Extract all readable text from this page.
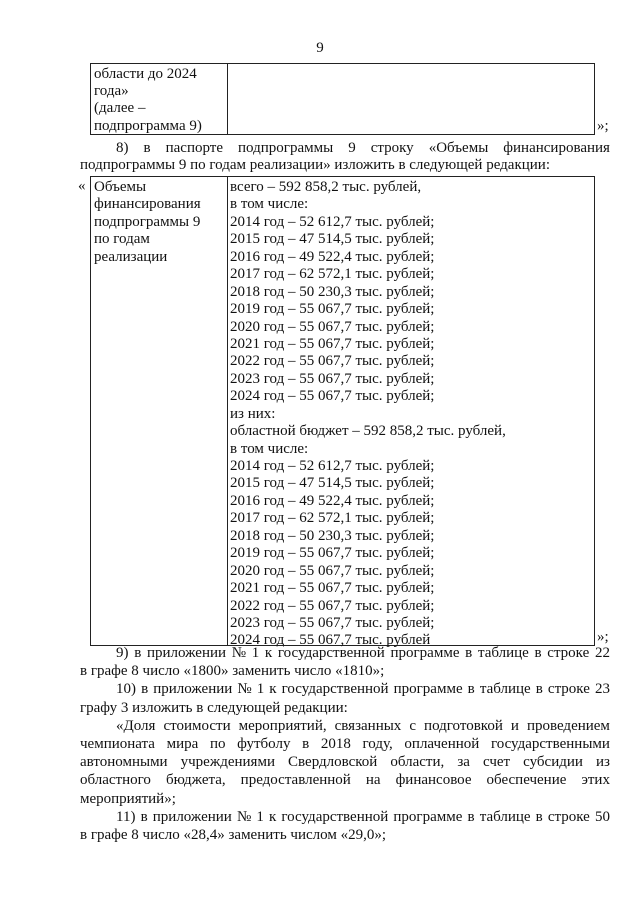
9
области до 2024
года»
(далее –
подпрограмма 9)	»;
8) в паспорте подпрограммы 9 строку «Объемы финансирования
подпрограммы 9 по годам реализации» изложить в следующей редакции:
« Объемы
финансирования
подпрограммы 9
по годам
реализации
всего – 592 858,2 тыс. рублей,
в том числе:
2014 год – 52 612,7 тыс. рублей;
2015 год – 47 514,5 тыс. рублей;
2016 год – 49 522,4 тыс. рублей;
2017 год – 62 572,1 тыс. рублей;
2018 год – 50 230,3 тыс. рублей;
2019 год – 55 067,7 тыс. рублей;
2020 год – 55 067,7 тыс. рублей;
2021 год – 55 067,7 тыс. рублей;
2022 год – 55 067,7 тыс. рублей;
2023 год – 55 067,7 тыс. рублей;
2024 год – 55 067,7 тыс. рублей;
из них:
областной бюджет – 592 858,2 тыс. рублей,
в том числе:
2014 год – 52 612,7 тыс. рублей;
2015 год – 47 514,5 тыс. рублей;
2016 год – 49 522,4 тыс. рублей;
2017 год – 62 572,1 тыс. рублей;
2018 год – 50 230,3 тыс. рублей;
2019 год – 55 067,7 тыс. рублей;
2020 год – 55 067,7 тыс. рублей;
2021 год – 55 067,7 тыс. рублей;
2022 год – 55 067,7 тыс. рублей;
2023 год – 55 067,7 тыс. рублей;
2024 год – 55 067,7 тыс. рублей	»;
9) в приложении № 1 к государственной программе в таблице в строке 22
в графе 8 число «1800» заменить число «1810»;
10) в приложении № 1 к государственной программе в таблице в строке 23
графу 3 изложить в следующей редакции:
«Доля стоимости мероприятий, связанных с подготовкой и проведением
чемпионата мира по футболу в 2018 году, оплаченной государственными
автономными учреждениями Свердловской области, за счет субсидии из
областного бюджета, предоставленной на финансовое обеспечение этих
мероприятий»;
11) в приложении № 1 к государственной программе в таблице в строке 50
в графе 8 число «28,4» заменить числом «29,0»;
